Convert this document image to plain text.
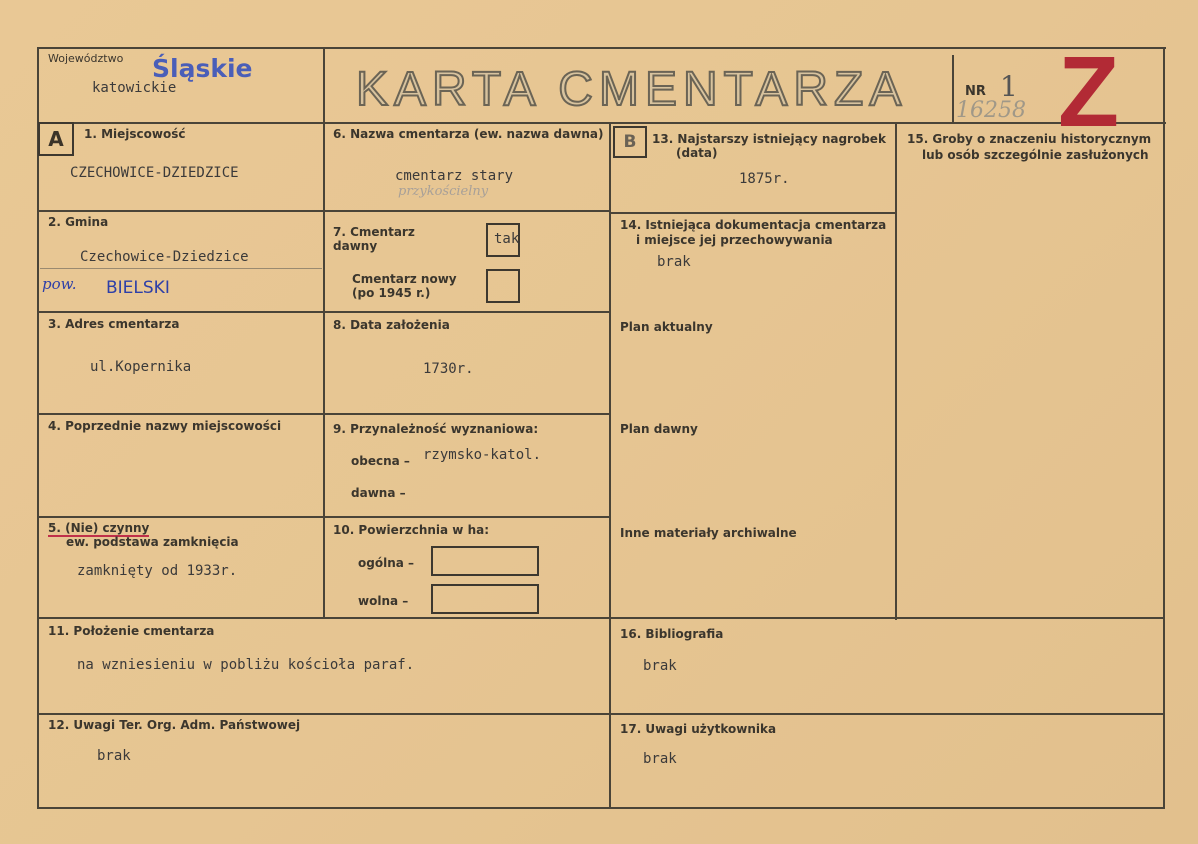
Województwo Śląskie
katowickie	KARTA CMENTARZA	NR 1
16258 Z
A	1. Miejscowość
CZECHOWICE-DZIEDZICE
2. Gmina
Czechowice-Dziedzice
pow. BIELSKI
3. Adres cmentarza
ul.Kopernika
4. Poprzednie nazwy miejscowości
5. (Nie) czynny
ew. podstawa zamknięcia
zamknięty od 1933r.
6. Nazwa cmentarza (ew. nazwa dawna)
cmentarz stary
przykościelny
7. Cmentarz dawny	tak
Cmentarz nowy (po 1945 r.)
8. Data założenia
1730r.
9. Przynależność wyznaniowa:
obecna – rzymsko-katol.
dawna –
10. Powierzchnia w ha:
ogólna –
wolna –
B	13. Najstarszy istniejący nagrobek
(data)
1875r.
14. Istniejąca dokumentacja cmentarza
i miejsce jej przechowywania
brak
Plan aktualny
Plan dawny
Inne materiały archiwalne
15. Groby o znaczeniu historycznym
lub osób szczególnie zasłużonych
11. Położenie cmentarza
na wzniesieniu w pobliżu kościoła paraf.
16. Bibliografia
brak
12. Uwagi Ter. Org. Adm. Państwowej
brak
17. Uwagi użytkownika
brak
